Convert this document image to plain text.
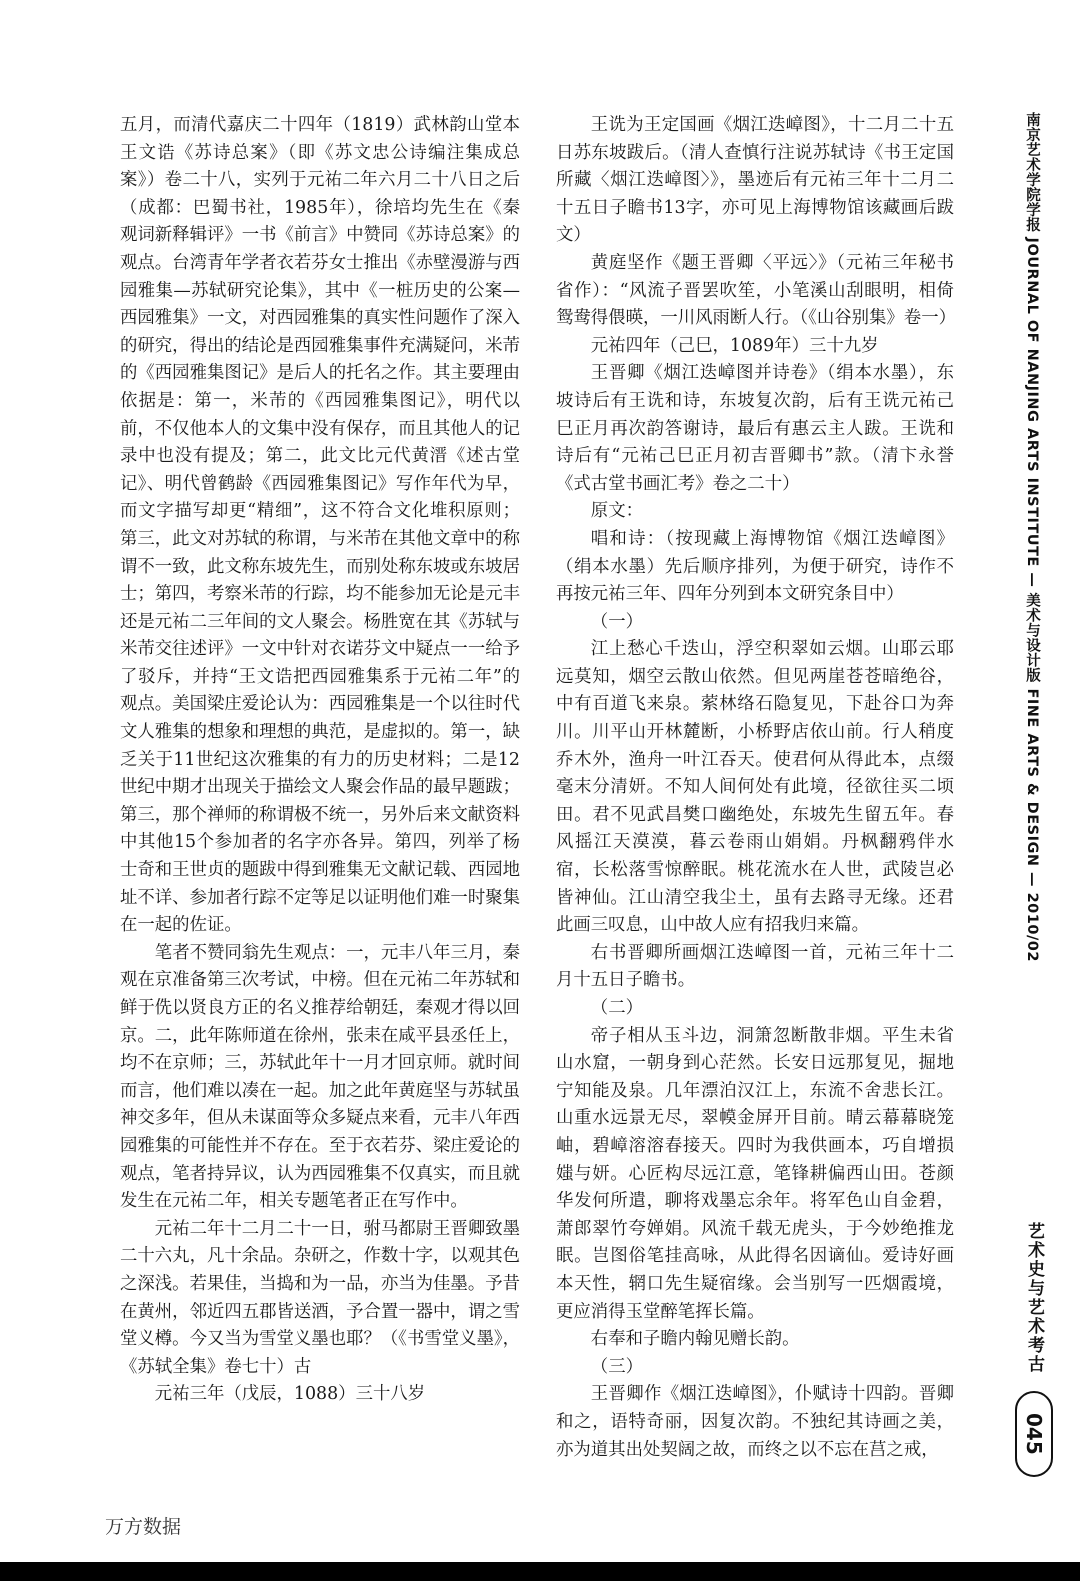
五月，而清代嘉庆二十四年（1819）武林韵山堂本王文诰《苏诗总案》（即《苏文忠公诗编注集成总案》）卷二十八，实列于元祐二年六月二十八日之后（成都：巴蜀书社，1985年），徐培均先生在《秦观词新释辑评》一书《前言》中赞同《苏诗总案》的观点。台湾青年学者衣若芬女士推出《赤壁漫游与西园雅集—苏轼研究论集》，其中《一桩历史的公案—西园雅集》一文，对西园雅集的真实性问题作了深入的研究，得出的结论是西园雅集事件充满疑问，米芾的《西园雅集图记》是后人的托名之作。其主要理由依据是：第一，米芾的《西园雅集图记》，明代以前，不仅他本人的文集中没有保存，而且其他人的记录中也没有提及；第二，此文比元代黄溍《述古堂记》、明代曾鹤龄《西园雅集图记》写作年代为早，而文字描写却更“精细”，这不符合文化堆积原则；第三，此文对苏轼的称谓，与米芾在其他文章中的称谓不一致，此文称东坡先生，而别处称东坡或东坡居士；第四，考察米芾的行踪，均不能参加无论是元丰还是元祐二三年间的文人聚会。杨胜宽在其《苏轼与米芾交往述评》一文中针对衣诺芬文中疑点一一给予了驳斥，并持“王文诰把西园雅集系于元祐二年”的观点。美国梁庄爱论认为：西园雅集是一个以往时代文人雅集的想象和理想的典范，是虚拟的。第一，缺乏关于11世纪这次雅集的有力的历史材料；二是12世纪中期才出现关于描绘文人聚会作品的最早题跋；第三，那个禅师的称谓极不统一，另外后来文献资料中其他15个参加者的名字亦各异。第四，列举了杨士奇和王世贞的题跋中得到雅集无文献记载、西园地址不详、参加者行踪不定等足以证明他们难一时聚集在一起的佐证。

笔者不赞同翁先生观点：一，元丰八年三月，秦观在京准备第三次考试，中榜。但在元祐二年苏轼和鲜于侁以贤良方正的名义推荐给朝廷，秦观才得以回京。二，此年陈师道在徐州，张耒在咸平县丞任上，均不在京师；三，苏轼此年十一月才回京师。就时间而言，他们难以凑在一起。加之此年黄庭坚与苏轼虽神交多年，但从未谋面等众多疑点来看，元丰八年西园雅集的可能性并不存在。至于衣若芬、梁庄爱论的观点，笔者持异议，认为西园雅集不仅真实，而且就发生在元祐二年，相关专题笔者正在写作中。

元祐二年十二月二十一日，驸马都尉王晋卿致墨二十六丸，凡十余品。杂研之，作数十字，以观其色之深浅。若果佳，当捣和为一品，亦当为佳墨。予昔在黄州，邻近四五郡皆送酒，予合置一器中，谓之雪堂义樽。今又当为雪堂义墨也耶？（《书雪堂义墨》，《苏轼全集》卷七十）古

元祐三年（戊辰，1088）三十八岁

王诜为王定国画《烟江迭嶂图》，十二月二十五日苏东坡跋后。（清人查慎行注说苏轼诗《书王定国所藏〈烟江迭嶂图〉》，墨迹后有元祐三年十二月二十五日子瞻书13字，亦可见上海博物馆该藏画后跋文）

黄庭坚作《题王晋卿〈平远〉》（元祐三年秘书省作）：“风流子晋罢吹笙，小笔溪山刮眼明，相倚鸳鸯得偎暎，一川风雨断人行。（《山谷别集》卷一）

元祐四年（己巳，1089年）三十九岁

王晋卿《烟江迭嶂图并诗卷》（绢本水墨），东坡诗后有王诜和诗，东坡复次韵，后有王诜元祐己巳正月再次韵答谢诗，最后有惠云主人跋。王诜和诗后有“元祐己巳正月初吉晋卿书”款。（清卞永誉《式古堂书画汇考》卷之二十）

原文：

唱和诗：（按现藏上海博物馆《烟江迭嶂图》（绢本水墨）先后顺序排列，为便于研究，诗作不再按元祐三年、四年分列到本文研究条目中）

（一）

江上愁心千迭山，浮空积翠如云烟。山耶云耶远莫知，烟空云散山依然。但见两崖苍苍暗绝谷，中有百道飞来泉。萦林络石隐复见，下赴谷口为奔川。川平山开林麓断，小桥野店依山前。行人稍度乔木外，渔舟一叶江吞天。使君何从得此本，点缀毫末分清妍。不知人间何处有此境，径欲往买二顷田。君不见武昌樊口幽绝处，东坡先生留五年。春风摇江天漠漠，暮云卷雨山娟娟。丹枫翻鸦伴水宿，长松落雪惊醉眠。桃花流水在人世，武陵岂必皆神仙。江山清空我尘土，虽有去路寻无缘。还君此画三叹息，山中故人应有招我归来篇。

右书晋卿所画烟江迭嶂图一首，元祐三年十二月十五日子瞻书。

（二）

帝子相从玉斗边，洞箫忽断散非烟。平生未省山水窟，一朝身到心茫然。长安日远那复见，掘地宁知能及泉。几年漂泊汉江上，东流不舍悲长江。山重水远景无尽，翠幙金屏开目前。晴云幕幕晓笼岫，碧嶂溶溶春接天。四时为我供画本，巧自增损媸与妍。心匠构尽远江意，笔锋耕偏西山田。苍颜华发何所遣，聊将戏墨忘余年。将军色山自金碧，萧郎翠竹夸婵娟。风流千载无虎头，于今妙绝推龙眠。岂图俗笔挂高咏，从此得名因谪仙。爱诗好画本天性，辋口先生疑宿缘。会当别写一匹烟霞境，更应消得玉堂醉笔挥长篇。

右奉和子瞻内翰见赠长韵。

（三）

王晋卿作《烟江迭嶂图》，仆赋诗十四韵。晋卿和之，语特奇丽，因复次韵。不独纪其诗画之美，亦为道其出处契阔之故，而终之以不忘在莒之戒，

南京艺术学院学报 JOURNAL OF NANJING ARTS INSTITUTE — 美术与设计版 FINE ARTS & DESIGN — 2010/02
艺术史与艺术考古
045
万方数据
